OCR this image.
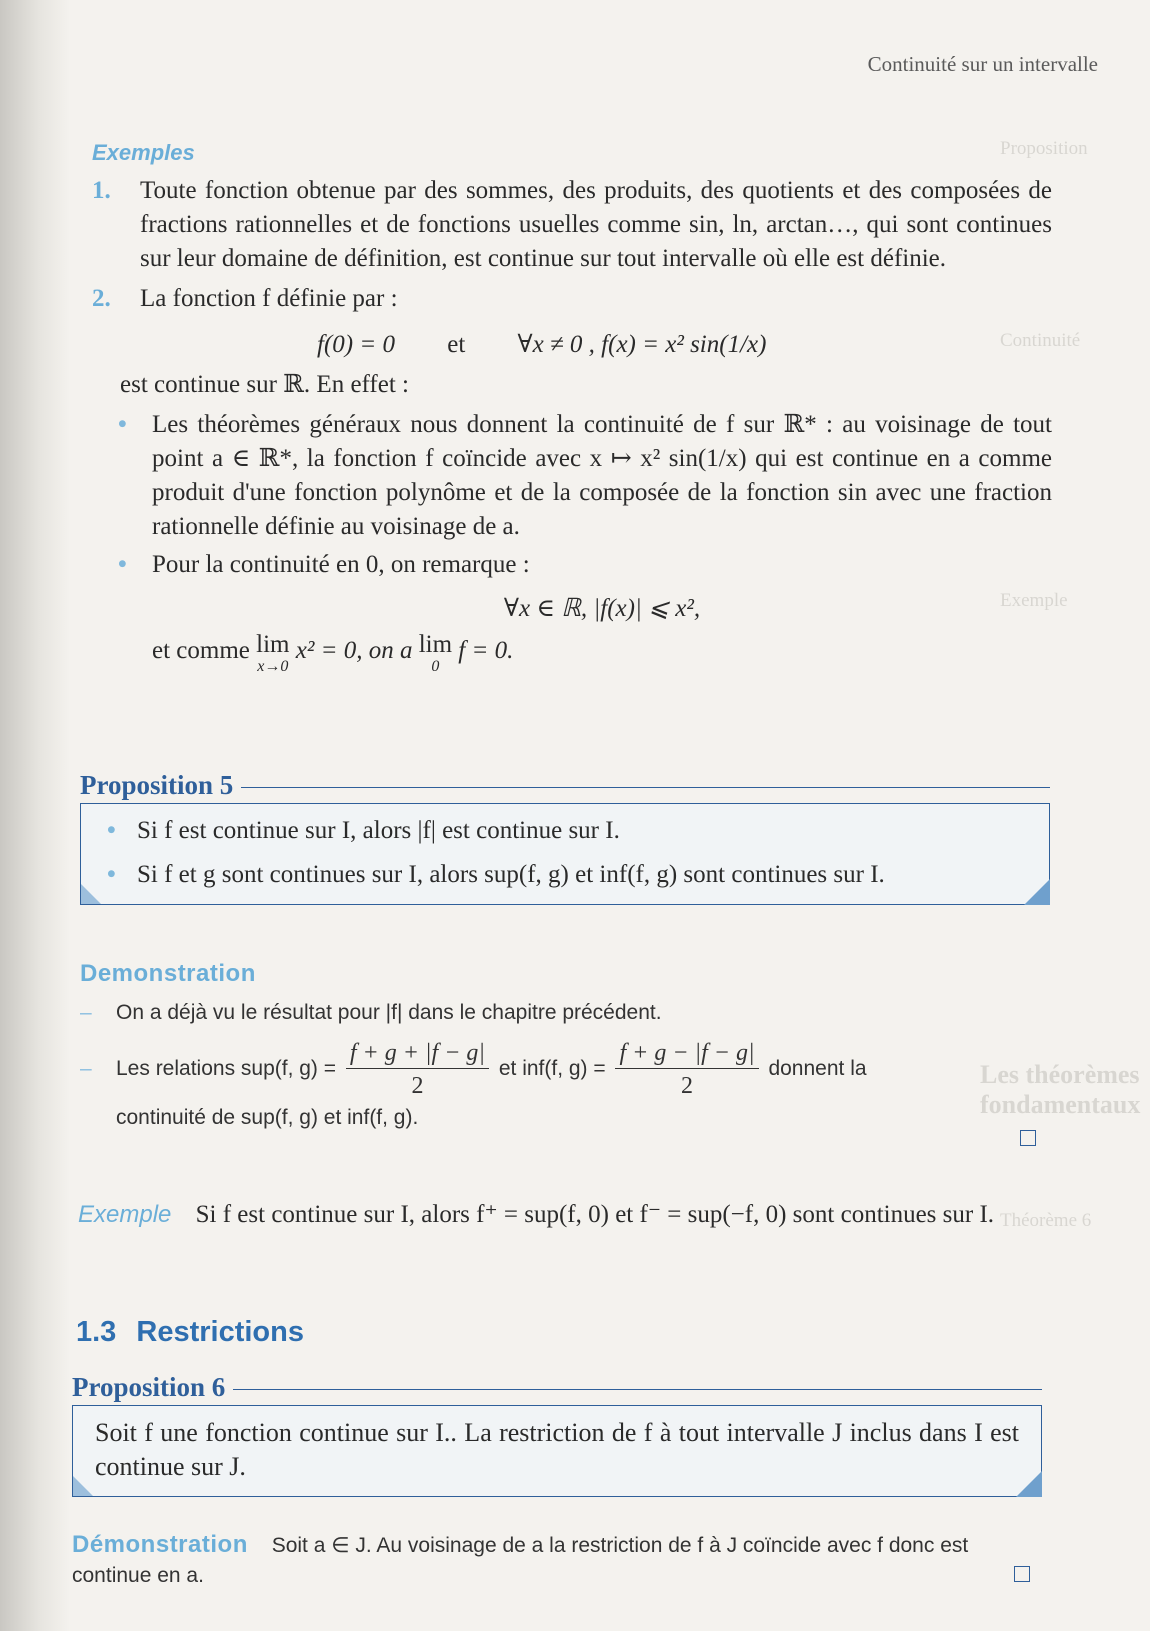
Proposition
Continuité
Exemple
Les théorèmes fondamentaux
Théorème 6
Continuité sur un intervalle
Exemples
1. Toute fonction obtenue par des sommes, des produits, des quotients et des composées de fractions rationnelles et de fonctions usuelles comme sin, ln, arctan…, qui sont continues sur leur domaine de définition, est continue sur tout intervalle où elle est définie.
2. La fonction f définie par :
f(0) = 0 et ∀x ≠ 0 , f(x) = x² sin(1/x)
est continue sur ℝ. En effet :
• Les théorèmes généraux nous donnent la continuité de f sur ℝ* : au voisinage de tout point a ∈ ℝ*, la fonction f coïncide avec x ↦ x² sin(1/x) qui est continue en a comme produit d'une fonction polynôme et de la composée de la fonction sin avec une fraction rationnelle définie au voisinage de a.
• Pour la continuité en 0, on remarque :
∀x ∈ ℝ, |f(x)| ⩽ x²,
et comme lim
x→0
x² = 0, on a lim
0
f = 0.
Proposition 5
• Si f est continue sur I, alors |f| est continue sur I.
• Si f et g sont continues sur I, alors sup(f, g) et inf(f, g) sont continues sur I.
Demonstration
– On a déjà vu le résultat pour |f| dans le chapitre précédent.
– Les relations sup(f, $g) = \frac{f + g + |f - g|}{2}$ et inf(f, $g) = \frac{f + g - |f - g|}{2}$ donnent la
continuité de sup(f, g) et inf(f, g).
Exemple Si f est continue sur I, alors f⁺ = sup(f, 0) et f⁻ = sup(−f, 0) sont continues sur I.
1.3 Restrictions
Proposition 6
Soit f une fonction continue sur I.. La restriction de f à tout intervalle J inclus dans I est continue sur J.
Démonstration Soit a ∈ J. Au voisinage de a la restriction de f à J coïncide avec f donc est continue en a.
